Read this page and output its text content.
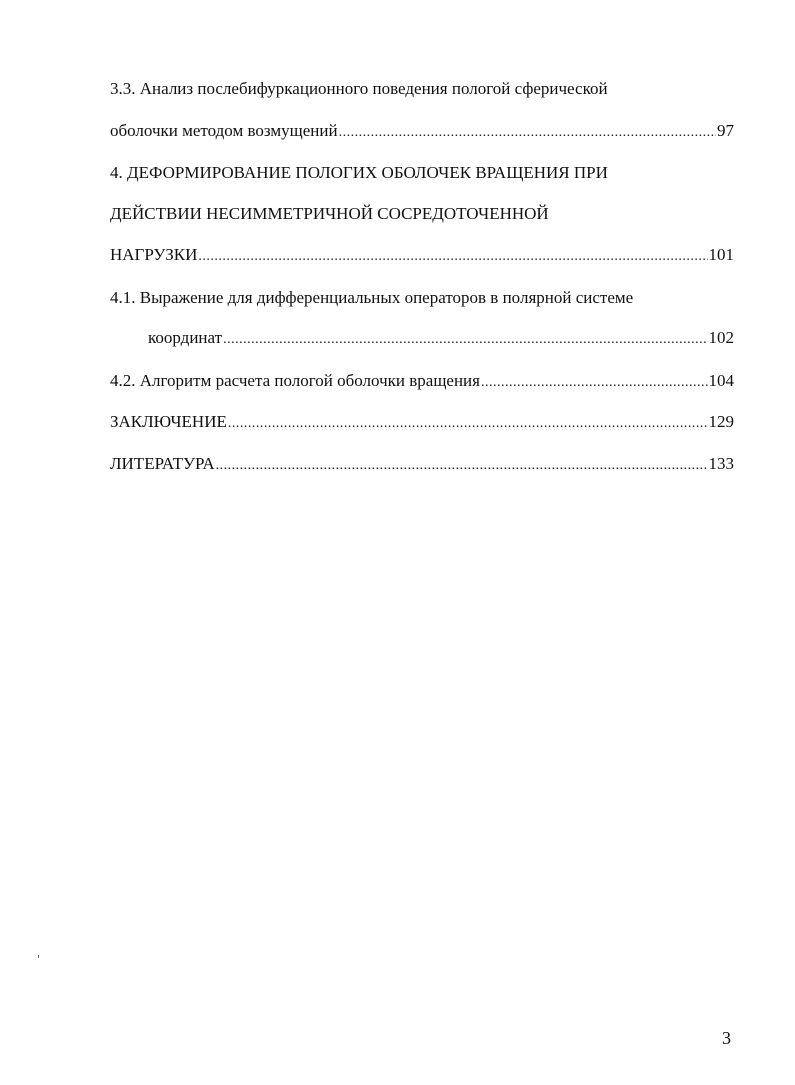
3.3. Анализ послебифуркационного поведения пологой сферической
оболочки методом возмущений .....	97
4. ДЕФОРМИРОВАНИЕ ПОЛОГИХ ОБОЛОЧЕК ВРАЩЕНИЯ ПРИ
ДЕЙСТВИИ НЕСИММЕТРИЧНОЙ СОСРЕДОТОЧЕННОЙ
НАГРУЗКИ .....	101
4.1. Выражение для дифференциальных операторов в полярной системе
координат .....	102
4.2. Алгоритм расчета пологой оболочки вращения .....	104
ЗАКЛЮЧЕНИЕ .....	129
ЛИТЕРАТУРА .....	133
3
